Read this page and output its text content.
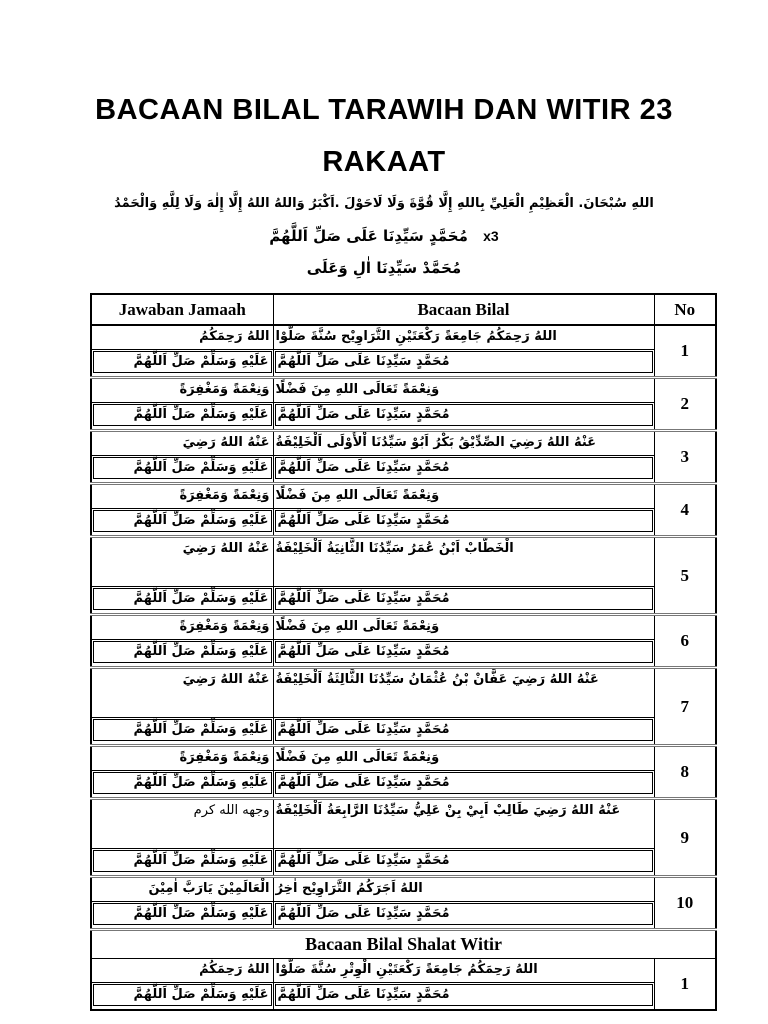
BACAAN BILAL TARAWIH DAN WITIR 23
RAKAAT
وَالْحَمْدُ لِلَّهِ وَلَا إِلٰهَ إِلَّا اللهُ وَاللهُ .اَكْبَرُ لَاحَوْلَ وَلَا قُوَّةَ إِلَّا بِاللهِ الْعَلِيِّ الْعَظِيْمِ سُبْحَانَ. اللهِ
اَللَّهُمَّ صَلِّ عَلَى سَيِّدِنَا مُحَمَّدٍ x3
وَعَلَى اٰلِ سَيِّدِنَا مُحَمَّدْ
Jawaban Jamaah	Bacaan Bilal	No

رَحِمَكُمُ اللهُ	صَلُّوْا سُنَّةَ التَّرَاوِيْح رَكْعَتَيْنِ جَامِعَةً رَحِمَكُمُ اللهُ	1

اَللَّهُمَّ صَلِّ وَسَلِّمْ عَلَيْهِ	اَللَّهُمَّ صَلِّ عَلَى سَيِّدِنَا مُحَمَّدٍ	

وَمَغْفِرَةً وَنِعْمَةً	فَضْلًا مِنَ اللهِ تَعَالَى وَنِعْمَةً	2

اَللَّهُمَّ صَلِّ وَسَلِّمْ عَلَيْهِ	اَللَّهُمَّ صَلِّ عَلَى سَيِّدِنَا مُحَمَّدٍ	

رَضِيَ اللهُ عَنْهُ	اَلْخَلِيْفَةُ اْلأُوْلَى سَيِّدُنَا اَبُوْ بَكْرُ الصِّدِّيْقُ رَضِيَ اللهُ عَنْهُ	3

اَللَّهُمَّ صَلِّ وَسَلِّمْ عَلَيْهِ	اَللَّهُمَّ صَلِّ عَلَى سَيِّدِنَا مُحَمَّدٍ	

وَمَغْفِرَةً وَنِعْمَةً	فَضْلًا مِنَ اللهِ تَعَالَى وَنِعْمَةً	4

اَللَّهُمَّ صَلِّ وَسَلِّمْ عَلَيْهِ	اَللَّهُمَّ صَلِّ عَلَى سَيِّدِنَا مُحَمَّدٍ	

رَضِيَ اللهُ عَنْهُ	اَلْخَلِيْفَةُ الثَّانِيَةُ سَيِّدُنَا عُمَرُ اَبْنُ الْخَطَّابْ	5

اَللَّهُمَّ صَلِّ وَسَلِّمْ عَلَيْهِ	اَللَّهُمَّ صَلِّ عَلَى سَيِّدِنَا مُحَمَّدٍ	

وَمَغْفِرَةً وَنِعْمَةً	فَضْلًا مِنَ اللهِ تَعَالَى وَنِعْمَةً	6

اَللَّهُمَّ صَلِّ وَسَلِّمْ عَلَيْهِ	اَللَّهُمَّ صَلِّ عَلَى سَيِّدِنَا مُحَمَّدٍ	

رَضِيَ اللهُ عَنْهُ	اَلْخَلِيْفَةُ الثَّالِثَةُ سَيِّدُنَا عُثْمَانُ بْنُ عَفَّانْ رَضِيَ اللهُ عَنْهُ	7

اَللَّهُمَّ صَلِّ وَسَلِّمْ عَلَيْهِ	اَللَّهُمَّ صَلِّ عَلَى سَيِّدِنَا مُحَمَّدٍ	

وَمَغْفِرَةً وَنِعْمَةً	فَضْلًا مِنَ اللهِ تَعَالَى وَنِعْمَةً	8

اَللَّهُمَّ صَلِّ وَسَلِّمْ عَلَيْهِ	اَللَّهُمَّ صَلِّ عَلَى سَيِّدِنَا مُحَمَّدٍ	

كرم الله وجهه	اَلْخَلِيْفَةُ الرَّابِعَةُ سَيِّدُنَا عَلِيُّ بِنْ اَبِيْ طَالِبْ رَضِيَ اللهُ عَنْهُ	9

اَللَّهُمَّ صَلِّ وَسَلِّمْ عَلَيْهِ	اَللَّهُمَّ صَلِّ عَلَى سَيِّدِنَا مُحَمَّدٍ	

اٰمِيْنَ يَارَبَّ الْعَالَمِيْنَ	اٰخِرُ التَّرَاوِيْح اَجَرَكُمُ اللهُ	10

اَللَّهُمَّ صَلِّ وَسَلِّمْ عَلَيْهِ	اَللَّهُمَّ صَلِّ عَلَى سَيِّدِنَا مُحَمَّدٍ	

Bacaan Bilal Shalat Witir		

رَحِمَكُمُ اللهُ	صَلُّوْا سُنَّةَ الْوِتْرِ رَكْعَتَيْنِ جَامِعَةً رَحِمَكُمُ اللهُ	1

اَللَّهُمَّ صَلِّ وَسَلِّمْ عَلَيْهِ	اَللَّهُمَّ صَلِّ عَلَى سَيِّدِنَا مُحَمَّدٍ	
